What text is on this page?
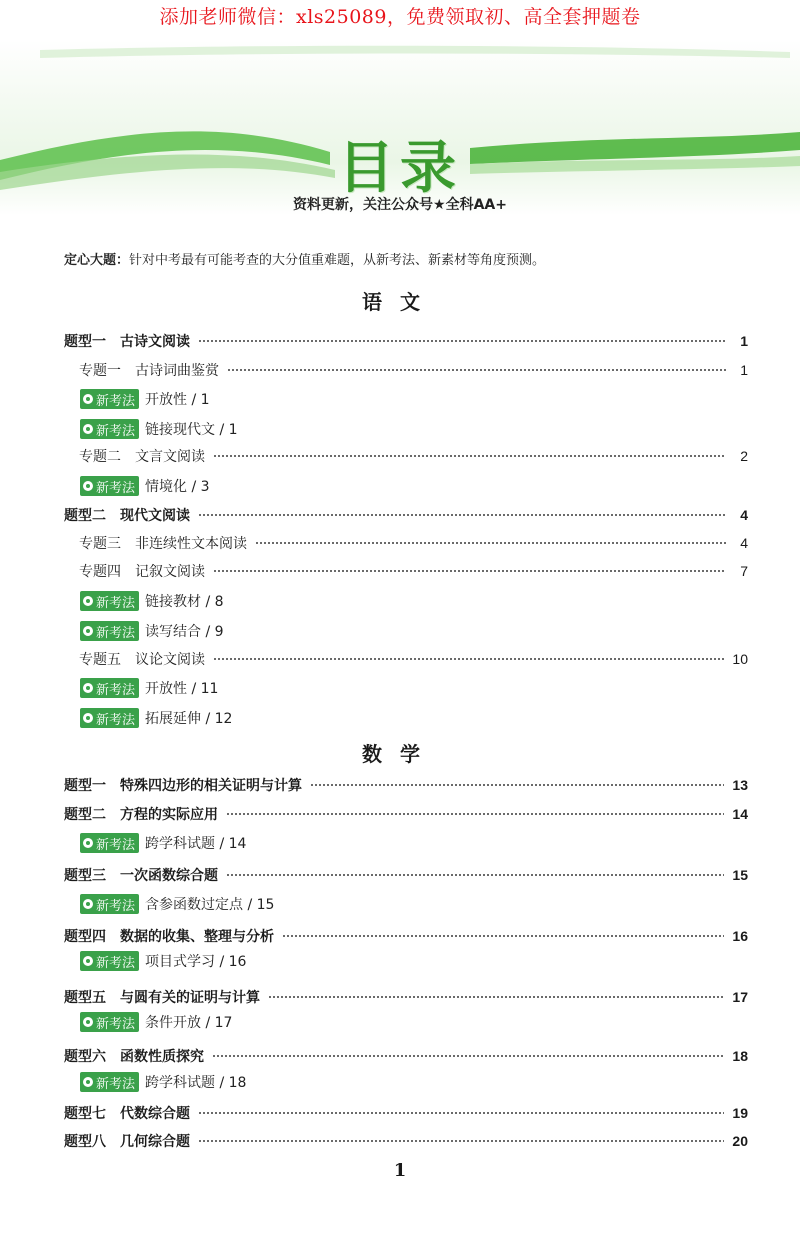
添加老师微信：xls25089，免费领取初、高全套押题卷
目录
资料更新，关注公众号★全科AA+
定心大题：针对中考最有可能考查的大分值重难题，从新考法、新素材等角度预测。
语文
题型一 古诗文阅读	1
专题一 古诗词曲鉴赏	1
新考法 开放性 / 1
新考法 链接现代文 / 1
专题二 文言文阅读	2
新考法 情境化 / 3
题型二 现代文阅读	4
专题三 非连续性文本阅读	4
专题四 记叙文阅读	7
新考法 链接教材 / 8
新考法 读写结合 / 9
专题五 议论文阅读	10
新考法 开放性 / 11
新考法 拓展延伸 / 12
数学
题型一 特殊四边形的相关证明与计算	13
题型二 方程的实际应用	14
新考法 跨学科试题 / 14
题型三 一次函数综合题	15
新考法 含参函数过定点 / 15
题型四 数据的收集、整理与分析	16
新考法 项目式学习 / 16
题型五 与圆有关的证明与计算	17
新考法 条件开放 / 17
题型六 函数性质探究	18
新考法 跨学科试题 / 18
题型七 代数综合题	19
题型八 几何综合题	20
1
